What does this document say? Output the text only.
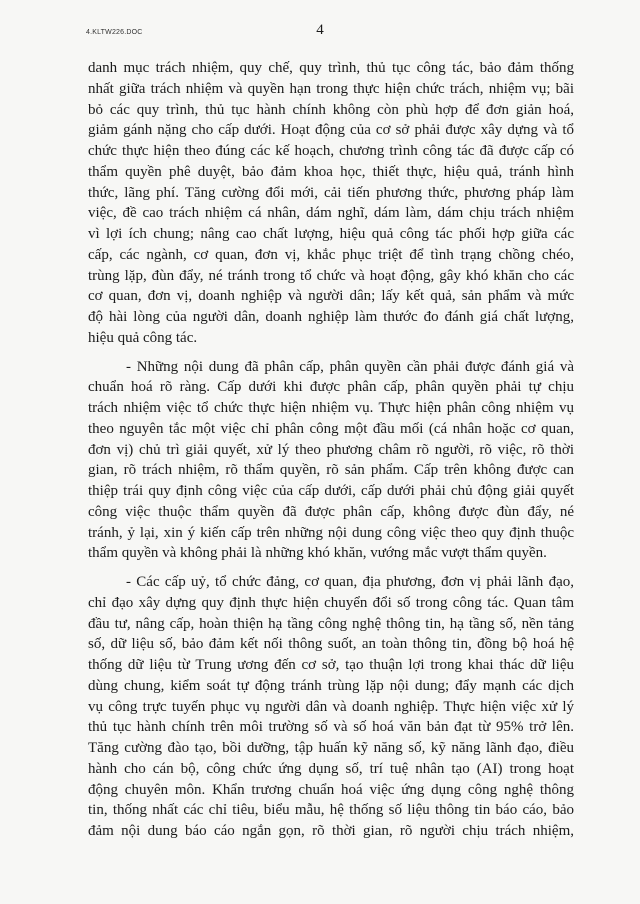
4.KLTW226.DOC	4
danh mục trách nhiệm, quy chế, quy trình, thủ tục công tác, bảo đảm thống
nhất giữa trách nhiệm và quyền hạn trong thực hiện chức trách, nhiệm vụ; bãi
bỏ các quy trình, thủ tục hành chính không còn phù hợp để đơn giản hoá,
giảm gánh nặng cho cấp dưới. Hoạt động của cơ sở phải được xây dựng và tổ
chức thực hiện theo đúng các kế hoạch, chương trình công tác đã được cấp có
thẩm quyền phê duyệt, bảo đảm khoa học, thiết thực, hiệu quả, tránh hình
thức, lãng phí. Tăng cường đổi mới, cải tiến phương thức, phương pháp làm
việc, đề cao trách nhiệm cá nhân, dám nghĩ, dám làm, dám chịu trách nhiệm
vì lợi ích chung; nâng cao chất lượng, hiệu quả công tác phối hợp giữa các
cấp, các ngành, cơ quan, đơn vị, khắc phục triệt để tình trạng chồng chéo,
trùng lặp, đùn đẩy, né tránh trong tổ chức và hoạt động, gây khó khăn cho các
cơ quan, đơn vị, doanh nghiệp và người dân; lấy kết quả, sản phẩm và mức
độ hài lòng của người dân, doanh nghiệp làm thước đo đánh giá chất lượng,
hiệu quả công tác.
- Những nội dung đã phân cấp, phân quyền cần phải được đánh giá và
chuẩn hoá rõ ràng. Cấp dưới khi được phân cấp, phân quyền phải tự chịu
trách nhiệm việc tổ chức thực hiện nhiệm vụ. Thực hiện phân công nhiệm vụ
theo nguyên tắc một việc chỉ phân công một đầu mối (cá nhân hoặc cơ quan,
đơn vị) chủ trì giải quyết, xử lý theo phương châm rõ người, rõ việc, rõ thời
gian, rõ trách nhiệm, rõ thẩm quyền, rõ sản phẩm. Cấp trên không được can
thiệp trái quy định công việc của cấp dưới, cấp dưới phải chủ động giải quyết
công việc thuộc thẩm quyền đã được phân cấp, không được đùn đẩy, né
tránh, ỷ lại, xin ý kiến cấp trên những nội dung công việc theo quy định thuộc
thẩm quyền và không phải là những khó khăn, vướng mắc vượt thẩm quyền.
- Các cấp uỷ, tổ chức đảng, cơ quan, địa phương, đơn vị phải lãnh đạo,
chỉ đạo xây dựng quy định thực hiện chuyển đổi số trong công tác. Quan tâm
đầu tư, nâng cấp, hoàn thiện hạ tầng công nghệ thông tin, hạ tầng số, nền tảng
số, dữ liệu số, bảo đảm kết nối thông suốt, an toàn thông tin, đồng bộ hoá hệ
thống dữ liệu từ Trung ương đến cơ sở, tạo thuận lợi trong khai thác dữ liệu
dùng chung, kiểm soát tự động tránh trùng lặp nội dung; đẩy mạnh các dịch
vụ công trực tuyến phục vụ người dân và doanh nghiệp. Thực hiện việc xử lý
thủ tục hành chính trên môi trường số và số hoá văn bản đạt từ 95% trở lên.
Tăng cường đào tạo, bồi dưỡng, tập huấn kỹ năng số, kỹ năng lãnh đạo, điều
hành cho cán bộ, công chức ứng dụng số, trí tuệ nhân tạo (AI) trong hoạt
động chuyên môn. Khẩn trương chuẩn hoá việc ứng dụng công nghệ thông
tin, thống nhất các chỉ tiêu, biểu mẫu, hệ thống số liệu thông tin báo cáo, bảo
đảm nội dung báo cáo ngắn gọn, rõ thời gian, rõ người chịu trách nhiệm,
